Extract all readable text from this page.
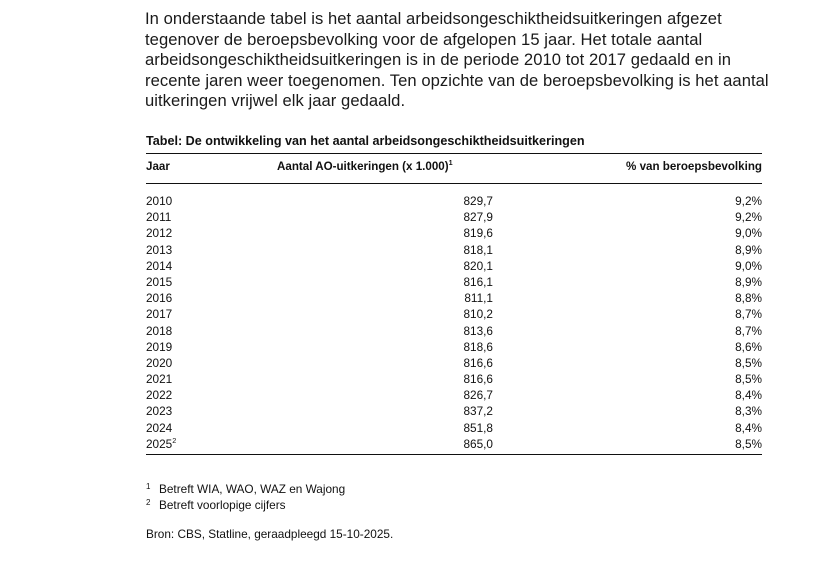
In onderstaande tabel is het aantal arbeidsongeschiktheidsuitkeringen afgezet tegenover de beroepsbevolking voor de afgelopen 15 jaar. Het totale aantal arbeidsongeschiktheidsuitkeringen is in de periode 2010 tot 2017 gedaald en in recente jaren weer toegenomen. Ten opzichte van de beroepsbevolking is het aantal uitkeringen vrijwel elk jaar gedaald.

Tabel: De ontwikkeling van het aantal arbeidsongeschiktheidsuitkeringen

Jaar	Aantal AO-uitkeringen (x 1.000)$^1$	% van beroepsbevolking
2010	829,7	9,2%
2011	827,9	9,2%
2012	819,6	9,0%
2013	818,1	8,9%
2014	820,1	9,0%
2015	816,1	8,9%
2016	811,1	8,8%
2017	810,2	8,7%
2018	813,6	8,7%
2019	818,6	8,6%
2020	816,6	8,5%
2021	816,6	8,5%
2022	826,7	8,4%
2023	837,2	8,3%
2024	851,8	8,4%
2025$^2$	865,0	8,5%
1 Betreft WIA, WAO, WAZ en Wajong
2 Betreft voorlopige cijfers
Bron: CBS, Statline, geraadpleegd 15-10-2025.
